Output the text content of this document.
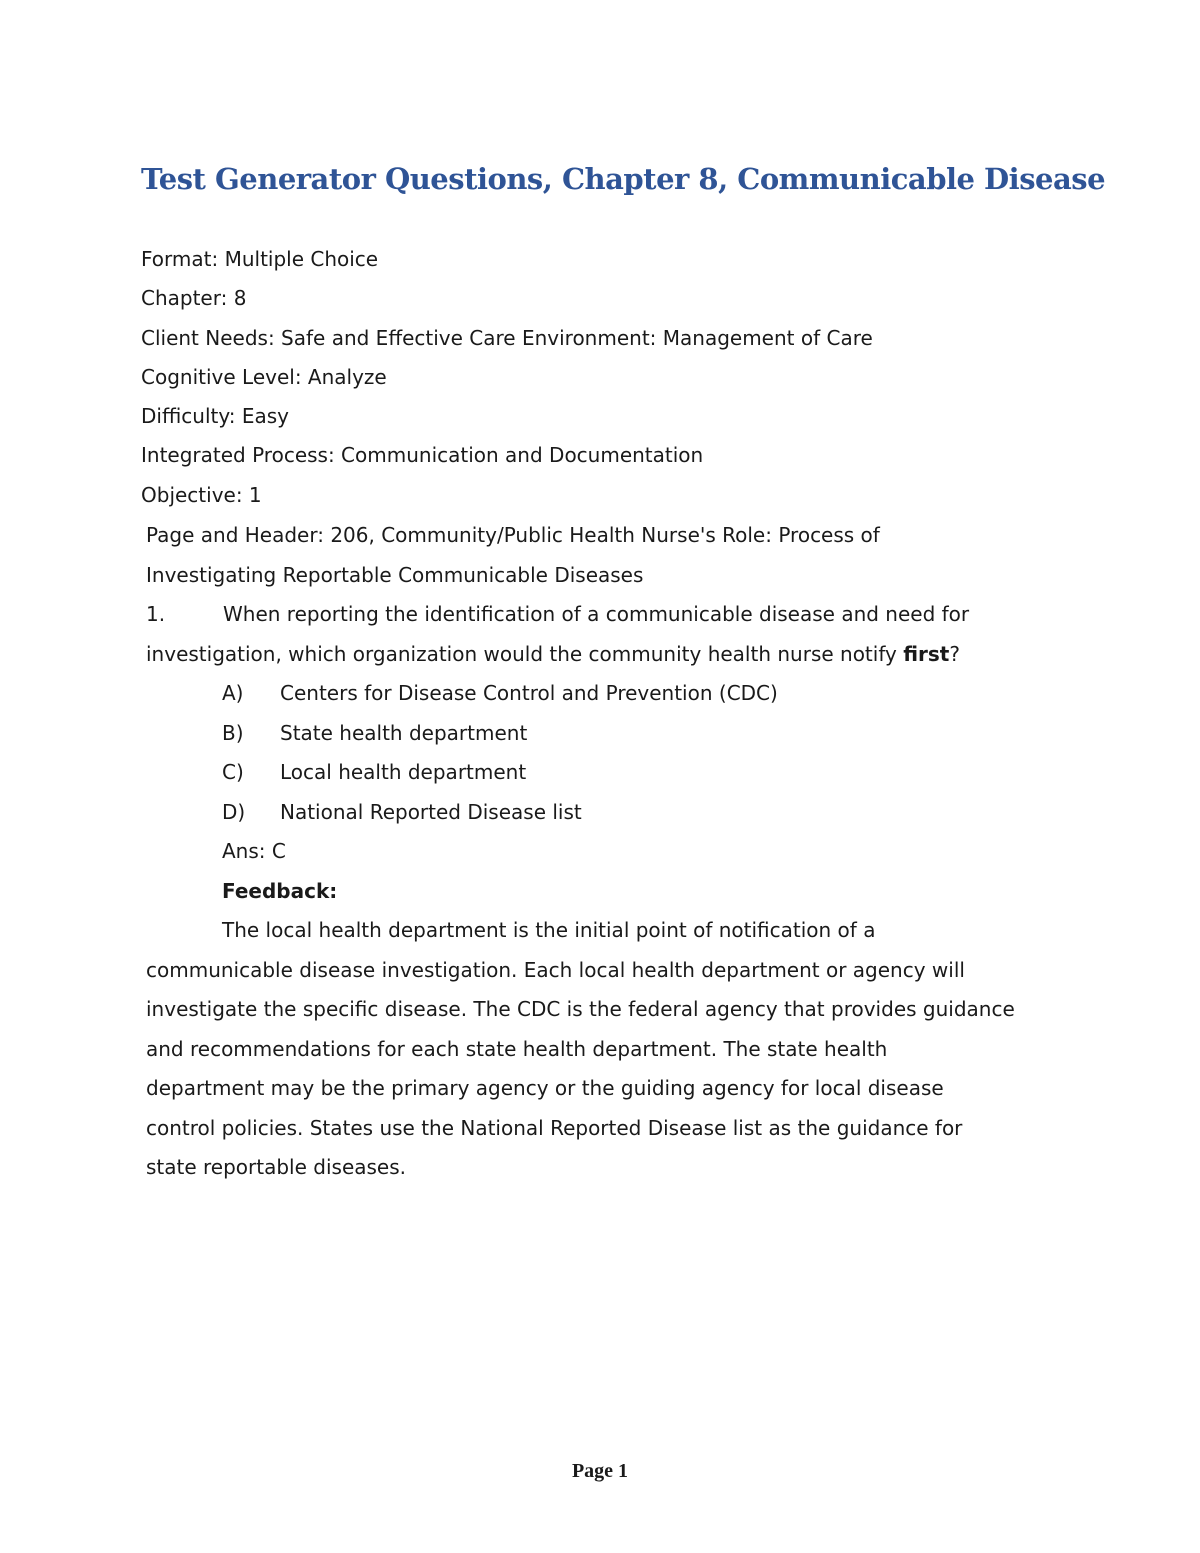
Test Generator Questions, Chapter 8, Communicable Disease
Format: Multiple Choice
Chapter: 8
Client Needs: Safe and Effective Care Environment: Management of Care
Cognitive Level: Analyze
Difficulty: Easy
Integrated Process: Communication and Documentation
Objective: 1
Page and Header: 206, Community/Public Health Nurse's Role: Process of
Investigating Reportable Communicable Diseases
1.	When reporting the identification of a communicable disease and need for
investigation, which organization would the community health nurse notify first?
A) Centers for Disease Control and Prevention (CDC)
B) State health department
C) Local health department
D) National Reported Disease list
Ans: C
Feedback:
The local health department is the initial point of notification of a
communicable disease investigation. Each local health department or agency will
investigate the specific disease. The CDC is the federal agency that provides guidance
and recommendations for each state health department. The state health
department may be the primary agency or the guiding agency for local disease
control policies. States use the National Reported Disease list as the guidance for
state reportable diseases.
Page 1
